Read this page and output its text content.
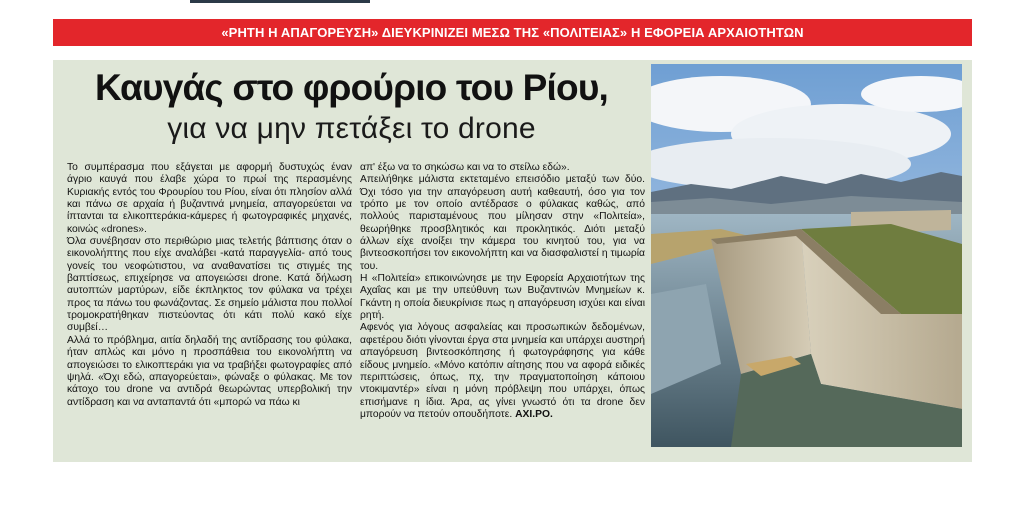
«ΡΗΤΗ Η ΑΠΑΓΟΡΕΥΣΗ» ΔΙΕΥΚΡΙΝΙΖΕΙ ΜΕΣΩ ΤΗΣ «ΠΟΛΙΤΕΙΑΣ» Η ΕΦΟΡΕΙΑ ΑΡΧΑΙΟΤΗΤΩΝ
Καυγάς στο φρούριο του Ρίου,
για να μην πετάξει το drone

Το συμπέρασμα που εξάγεται με αφορμή δυστυχώς έναν άγριο καυγά που έλαβε χώρα το πρωί της περασμένης Κυριακής εντός του Φρουρίου του Ρίου, είναι ότι πλησίον αλλά και πάνω σε αρχαία ή βυζαντινά μνημεία, απαγορεύεται να ίπτανται τα ελικοπτεράκια-κάμερες ή φωτογραφικές μηχανές, κοινώς «drones».

Όλα συνέβησαν στο περιθώριο μιας τελετής βάπτισης όταν ο εικονολήπτης που είχε αναλάβει -κατά παραγγελία- από τους γονείς του νεοφώτιστου, να αναθανατίσει τις στιγμές της βαπτίσεως, επιχείρησε να απογειώσει drone. Κατά δήλωση αυτοπτών μαρτύρων, είδε έκπληκτος τον φύλακα να τρέχει προς τα πάνω του φωνάζοντας. Σε σημείο μάλιστα που πολλοί τρομοκρατήθηκαν πιστεύοντας ότι κάτι πολύ κακό είχε συμβεί…

Αλλά το πρόβλημα, αιτία δηλαδή της αντίδρασης του φύλακα, ήταν απλώς και μόνο η προσπάθεια του εικονολήπτη να απογειώσει το ελικοπτεράκι για να τραβήξει φωτογραφίες από ψηλά. «Όχι εδώ, απαγορεύεται», φώναξε ο φύλακας. Με τον κάτοχο του drone να αντιδρά θεωρώντας υπερβολική την αντίδραση και να ανταπαντά ότι «μπορώ να πάω κι

απ' έξω να το σηκώσω και να το στείλω εδώ».

Απειλήθηκε μάλιστα εκτεταμένο επεισόδιο μεταξύ των δύο. Όχι τόσο για την απαγόρευση αυτή καθεαυτή, όσο για τον τρόπο με τον οποίο αντέδρασε ο φύλακας καθώς, από πολλούς παρισταμένους που μίλησαν στην «Πολιτεία», θεωρήθηκε προσβλητικός και προκλητικός. Διότι μεταξύ άλλων είχε ανοίξει την κάμερα του κινητού του, για να βιντεοσκοπήσει τον εικονολήπτη και να διασφαλιστεί η τιμωρία του.

Η «Πολιτεία» επικοινώνησε με την Εφορεία Αρχαιοτήτων της Αχαΐας και με την υπεύθυνη των Βυζαντινών Μνημείων κ. Γκάντη η οποία διευκρίνισε πως η απαγόρευση ισχύει και είναι ρητή.

Αφενός για λόγους ασφαλείας και προσωπικών δεδομένων, αφετέρου διότι γίνονται έργα στα μνημεία και υπάρχει αυστηρή απαγόρευση βιντεοσκόπησης ή φωτογράφησης για κάθε είδους μνημείο. «Μόνο κατόπιν αίτησης που να αφορά ειδικές περιπτώσεις, όπως, πχ, την πραγματοποίηση κάποιου ντοκιμαντέρ» είναι η μόνη πρόβλεψη που υπάρχει, όπως επισήμανε η ίδια. Άρα, ας γίνει γνωστό ότι τα drone δεν μπορούν να πετούν οπουδήποτε. ΑΧΙ.ΡΟ.
